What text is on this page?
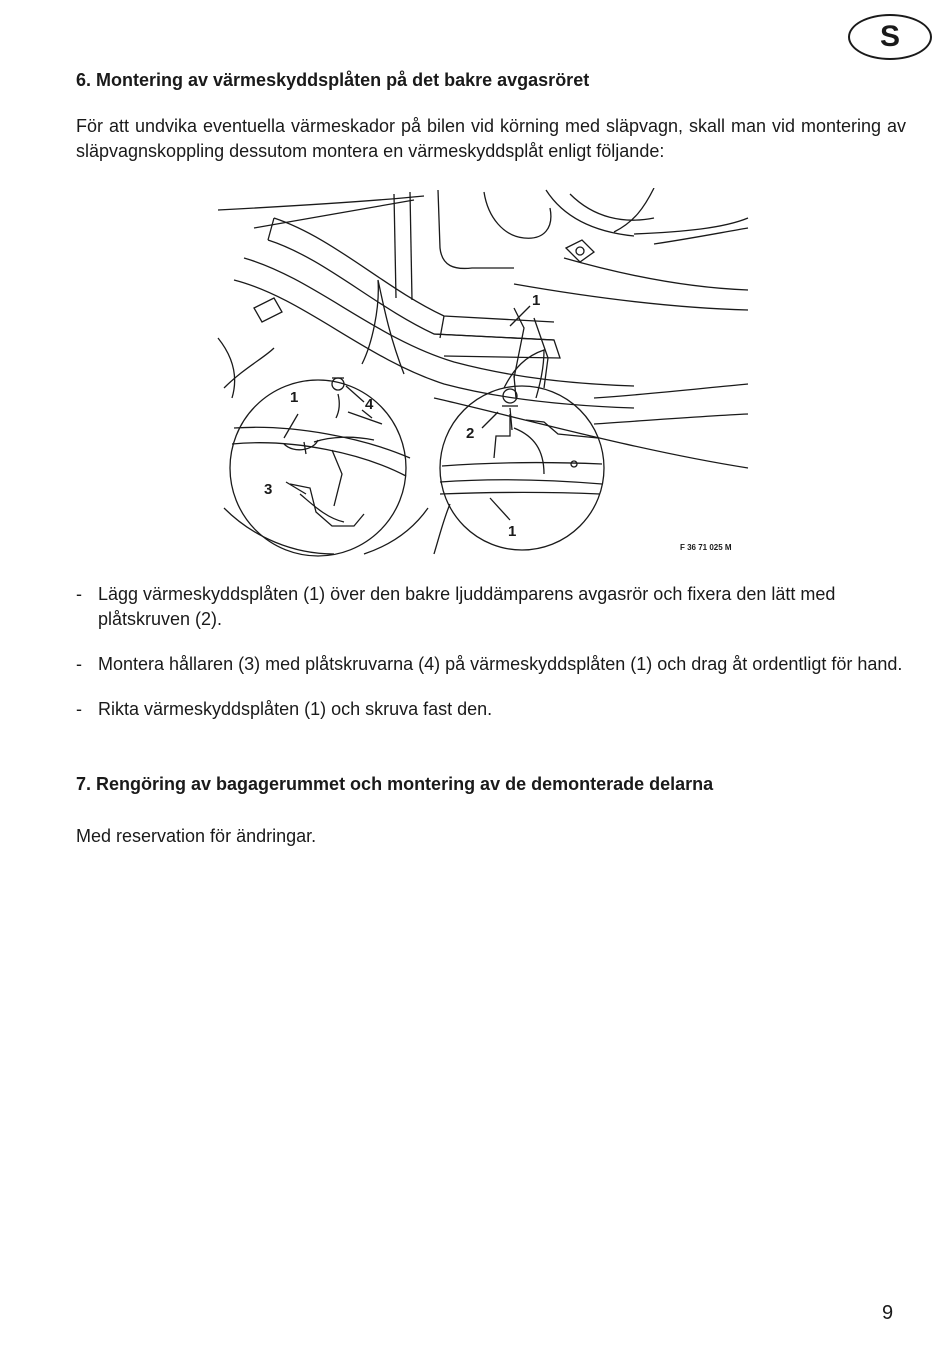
S
6. Montering av värmeskyddsplåten på det bakre avgasröret

För att undvika eventuella värmeskador på bilen vid körning med släpvagn, skall man vid montering av släpvagnskoppling dessutom montera en värmeskyddsplåt enligt följande:

1
1	4
3
2
1
F 36 71 025 M
- Lägg värmeskyddsplåten (1) över den bakre ljuddämparens avgasrör och fixera den lätt med plåtskruven (2).
- Montera hållaren (3) med plåtskruvarna (4) på värmeskyddsplåten (1) och drag åt ordentligt för hand.
- Rikta värmeskyddsplåten (1) och skruva fast den.
7. Rengöring av bagagerummet och montering av de demonterade delarna

Med reservation för ändringar.

9
